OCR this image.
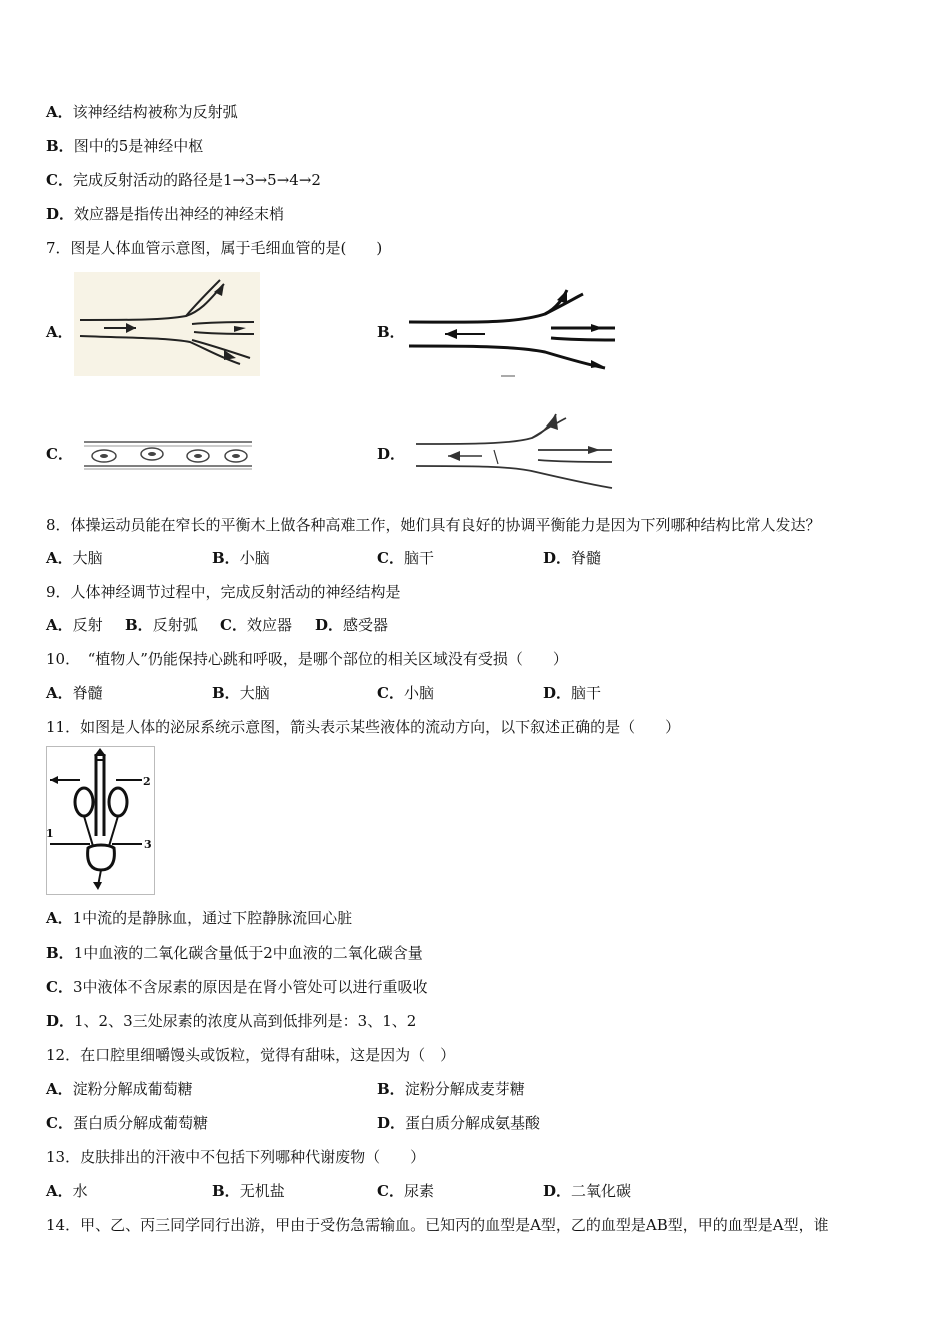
A．该神经结构被称为反射弧
B．图中的5是神经中枢
C．完成反射活动的路径是1→3→5→4→2
D．效应器是指传出神经的神经末梢
7．图是人体血管示意图，属于毛细血管的是(　　)
A．	B．
C．	D．
8．体操运动员能在窄长的平衡木上做各种高难工作，她们具有良好的协调平衡能力是因为下列哪种结构比常人发达？
A．大脑	B．小脑	C．脑干	D．脊髓
9．人体神经调节过程中，完成反射活动的神经结构是
A．反射 B．反射弧 C．效应器 D．感受器
10．　“植物人”仍能保持心跳和呼吸，是哪个部位的相关区域没有受损（　　）
A．脊髓	B．大脑	C．小脑	D．脑干
11．如图是人体的泌尿系统示意图，箭头表示某些液体的流动方向，以下叙述正确的是（　　）
1
2
3
A．1中流的是静脉血，通过下腔静脉流回心脏
B．1中血液的二氧化碳含量低于2中血液的二氧化碳含量
C．3中液体不含尿素的原因是在肾小管处可以进行重吸收
D．1、2、3三处尿素的浓度从高到低排列是：3、1、2
12．在口腔里细嚼馒头或饭粒，觉得有甜味，这是因为（　）
A．淀粉分解成葡萄糖	B．淀粉分解成麦芽糖
C．蛋白质分解成葡萄糖	D．蛋白质分解成氨基酸
13．皮肤排出的汗液中不包括下列哪种代谢废物（　　）
A．水	B．无机盐	C．尿素	D．二氧化碳
14．甲、乙、丙三同学同行出游，甲由于受伤急需输血。已知丙的血型是A型，乙的血型是AB型，甲的血型是A型，谁
